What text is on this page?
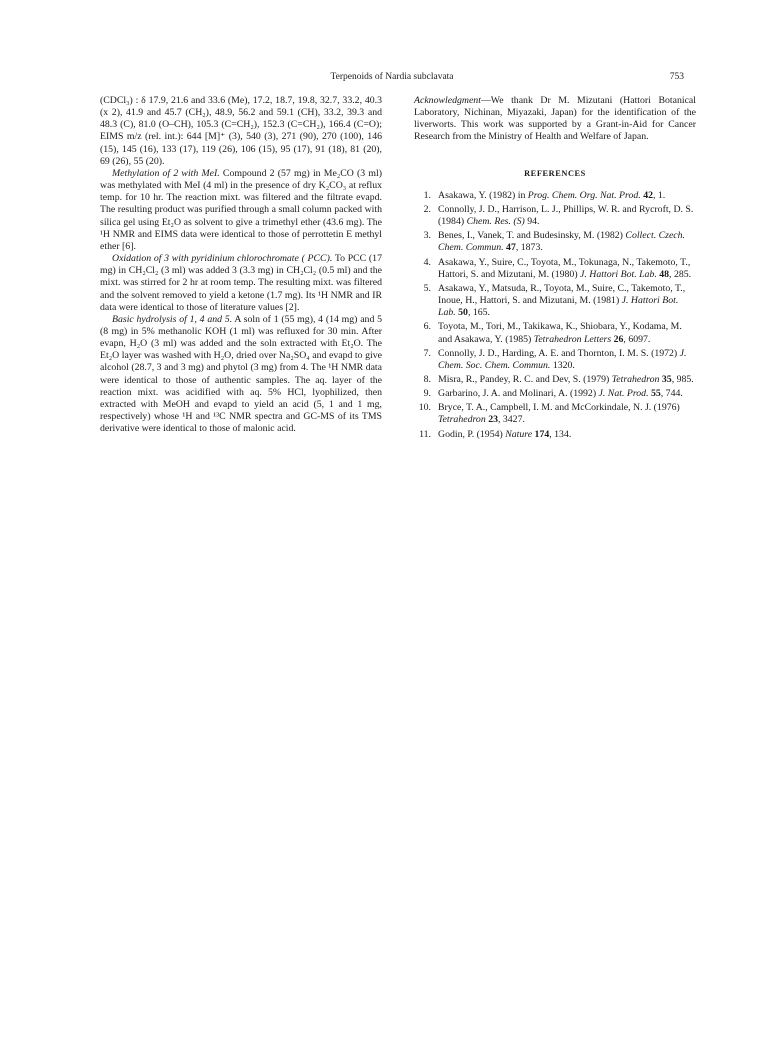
Terpenoids of Nardia subclavata	753

(CDCl₃) : δ 17.9, 21.6 and 33.6 (Me), 17.2, 18.7, 19.8, 32.7, 33.2, 40.3 (x 2), 41.9 and 45.7 (CH₂), 48.9, 56.2 and 59.1 (CH), 33.2, 39.3 and 48.3 (C), 81.0 (O–CH), 105.3 (C=CH₂), 152.3 (C=CH₂), 166.4 (C=O); EIMS m/z (rel. int.): 644 [M]⁺ (3), 540 (3), 271 (90), 270 (100), 146 (15), 145 (16), 133 (17), 119 (26), 106 (15), 95 (17), 91 (18), 81 (20), 69 (26), 55 (20).

Methylation of 2 with MeI. Compound 2 (57 mg) in Me₂CO (3 ml) was methylated with MeI (4 ml) in the presence of dry K₂CO₃ at reflux temp. for 10 hr. The reaction mixt. was filtered and the filtrate evapd. The resulting product was purified through a small column packed with silica gel using Et₂O as solvent to give a trimethyl ether (43.6 mg). The ¹H NMR and EIMS data were identical to those of perrottetin E methyl ether [6].

Oxidation of 3 with pyridinium chlorochromate ( PCC). To PCC (17 mg) in CH₂Cl₂ (3 ml) was added 3 (3.3 mg) in CH₂Cl₂ (0.5 ml) and the mixt. was stirred for 2 hr at room temp. The resulting mixt. was filtered and the solvent removed to yield a ketone (1.7 mg). Its ¹H NMR and IR data were identical to those of literature values [2].

Basic hydrolysis of 1, 4 and 5. A soln of 1 (55 mg), 4 (14 mg) and 5 (8 mg) in 5% methanolic KOH (1 ml) was refluxed for 30 min. After evapn, H₂O (3 ml) was added and the soln extracted with Et₂O. The Et₂O layer was washed with H₂O, dried over Na₂SO₄ and evapd to give alcohol (28.7, 3 and 3 mg) and phytol (3 mg) from 4. The ¹H NMR data were identical to those of authentic samples. The aq. layer of the reaction mixt. was acidified with aq. 5% HCl, lyophilized, then extracted with MeOH and evapd to yield an acid (5, 1 and 1 mg, respectively) whose ¹H and ¹³C NMR spectra and GC-MS of its TMS derivative were identical to those of malonic acid.

Acknowledgment—We thank Dr M. Mizutani (Hattori Botanical Laboratory, Nichinan, Miyazaki, Japan) for the identification of the liverworts. This work was supported by a Grant-in-Aid for Cancer Research from the Ministry of Health and Welfare of Japan.

REFERENCES
1. Asakawa, Y. (1982) in Prog. Chem. Org. Nat. Prod. 42, 1.
2. Connolly, J. D., Harrison, L. J., Phillips, W. R. and Rycroft, D. S. (1984) Chem. Res. (S) 94.
3. Benes, I., Vanek, T. and Budesinsky, M. (1982) Collect. Czech. Chem. Commun. 47, 1873.
4. Asakawa, Y., Suire, C., Toyota, M., Tokunaga, N., Takemoto, T., Hattori, S. and Mizutani, M. (1980) J. Hattori Bot. Lab. 48, 285.
5. Asakawa, Y., Matsuda, R., Toyota, M., Suire, C., Takemoto, T., Inoue, H., Hattori, S. and Mizutani, M. (1981) J. Hattori Bot. Lab. 50, 165.
6. Toyota, M., Tori, M., Takikawa, K., Shiobara, Y., Kodama, M. and Asakawa, Y. (1985) Tetrahedron Letters 26, 6097.
7. Connolly, J. D., Harding, A. E. and Thornton, I. M. S. (1972) J. Chem. Soc. Chem. Commun. 1320.
8. Misra, R., Pandey, R. C. and Dev, S. (1979) Tetrahedron 35, 985.
9. Garbarino, J. A. and Molinari, A. (1992) J. Nat. Prod. 55, 744.
10. Bryce, T. A., Campbell, I. M. and McCorkindale, N. J. (1976) Tetrahedron 23, 3427.
11. Godin, P. (1954) Nature 174, 134.
